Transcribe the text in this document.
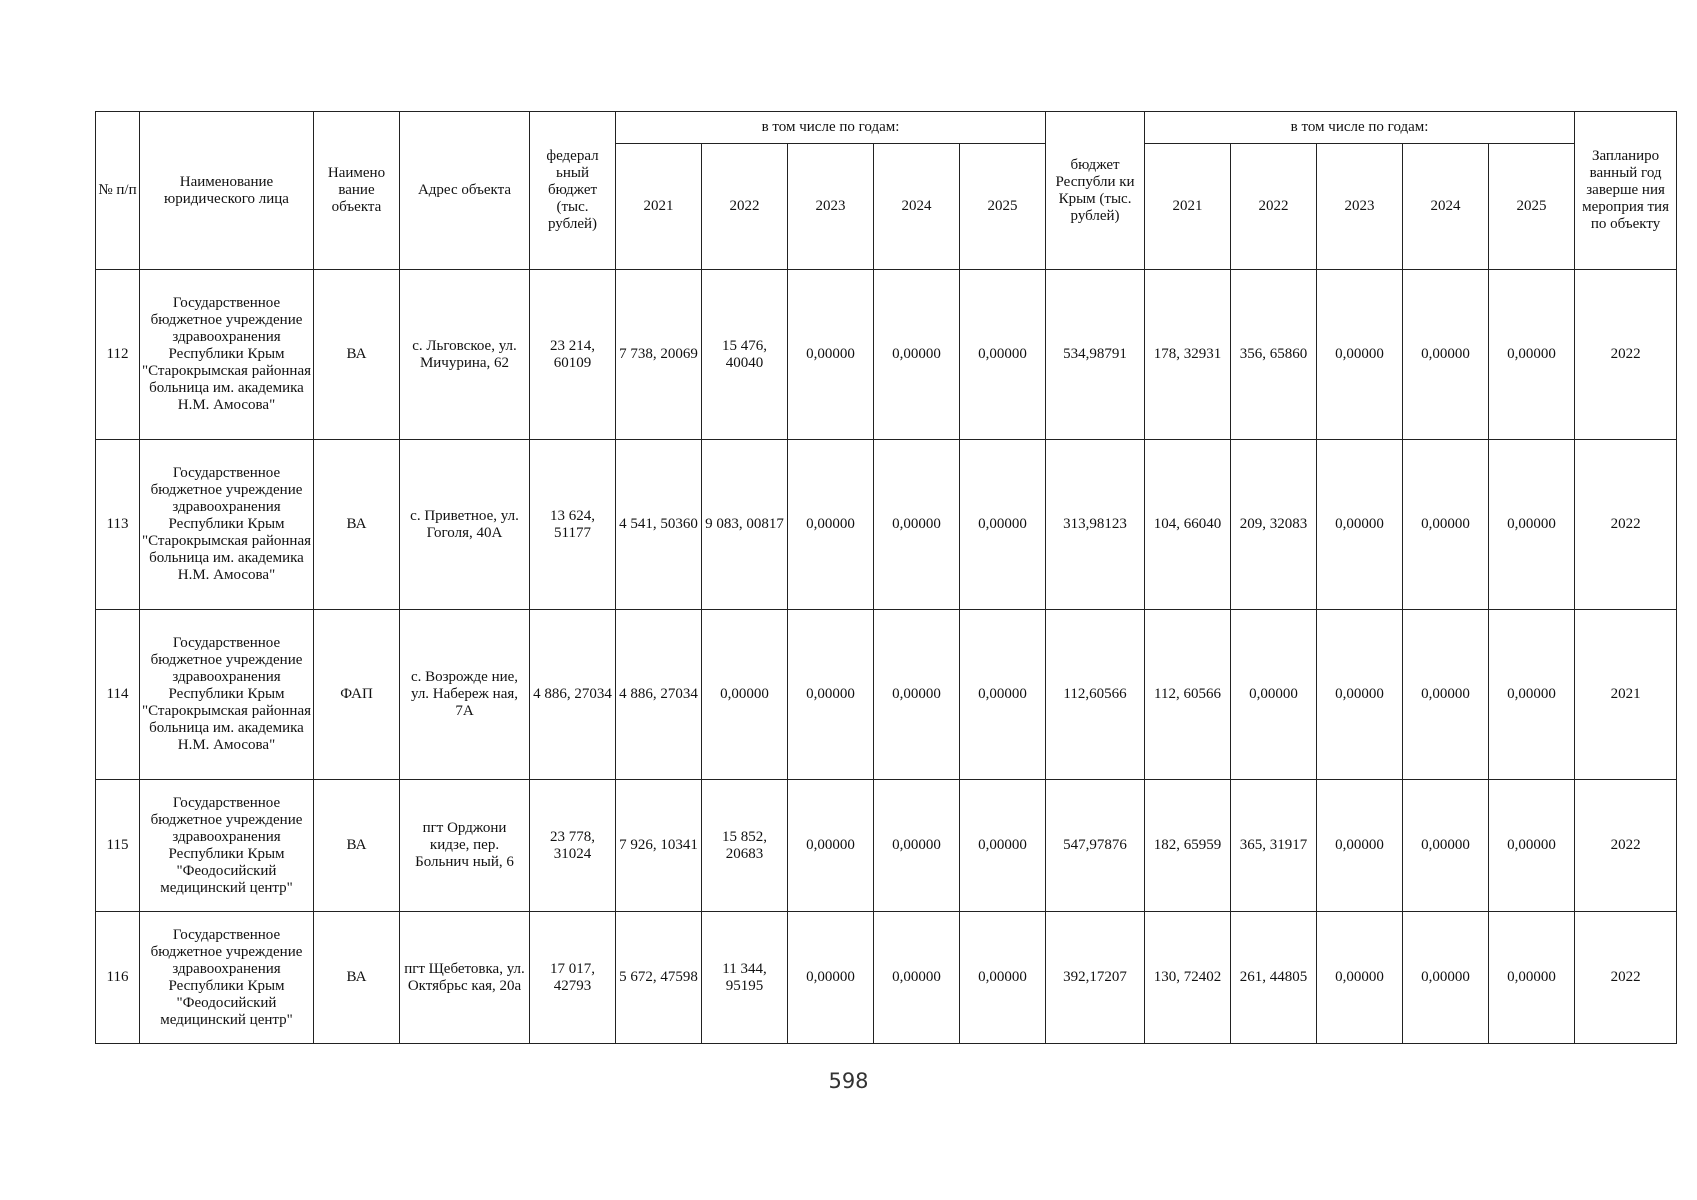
№ п/п	Наименование юридического лица	Наимено вание объекта	Адрес объекта	федерал ьный бюджет (тыс. рублей)	в том числе по годам:					бюджет Республи ки Крым (тыс. рублей)	в том числе по годам:					Запланиро ванный год заверше ния мероприя тия по объекту
					2021	2022	2023	2024	2025		2021	2022	2023	2024	2025	
112	Государственное бюджетное учреждение здравоохранения Республики Крым "Старокрымская районная больница им. академика Н.М. Амосова"	ВА	с. Льговское, ул. Мичурина, 62	23 214, 60109	7 738, 20069	15 476, 40040	0,00000	0,00000	0,00000	534,98791	178, 32931	356, 65860	0,00000	0,00000	0,00000	2022
113	Государственное бюджетное учреждение здравоохранения Республики Крым "Старокрымская районная больница им. академика Н.М. Амосова"	ВА	с. Приветное, ул. Гоголя, 40А	13 624, 51177	4 541, 50360	9 083, 00817	0,00000	0,00000	0,00000	313,98123	104, 66040	209, 32083	0,00000	0,00000	0,00000	2022
114	Государственное бюджетное учреждение здравоохранения Республики Крым "Старокрымская районная больница им. академика Н.М. Амосова"	ФАП	с. Возрожде ние, ул. Набереж ная, 7А	4 886, 27034	4 886, 27034	0,00000	0,00000	0,00000	0,00000	112,60566	112, 60566	0,00000	0,00000	0,00000	0,00000	2021
115	Государственное бюджетное учреждение здравоохранения Республики Крым "Феодосийский медицинский центр"	ВА	пгт Орджони кидзе, пер. Больнич ный, 6	23 778, 31024	7 926, 10341	15 852, 20683	0,00000	0,00000	0,00000	547,97876	182, 65959	365, 31917	0,00000	0,00000	0,00000	2022
116	Государственное бюджетное учреждение здравоохранения Республики Крым "Феодосийский медицинский центр"	ВА	пгт Щебетовка, ул. Октябрьс кая, 20а	17 017, 42793	5 672, 47598	11 344, 95195	0,00000	0,00000	0,00000	392,17207	130, 72402	261, 44805	0,00000	0,00000	0,00000	2022
598
